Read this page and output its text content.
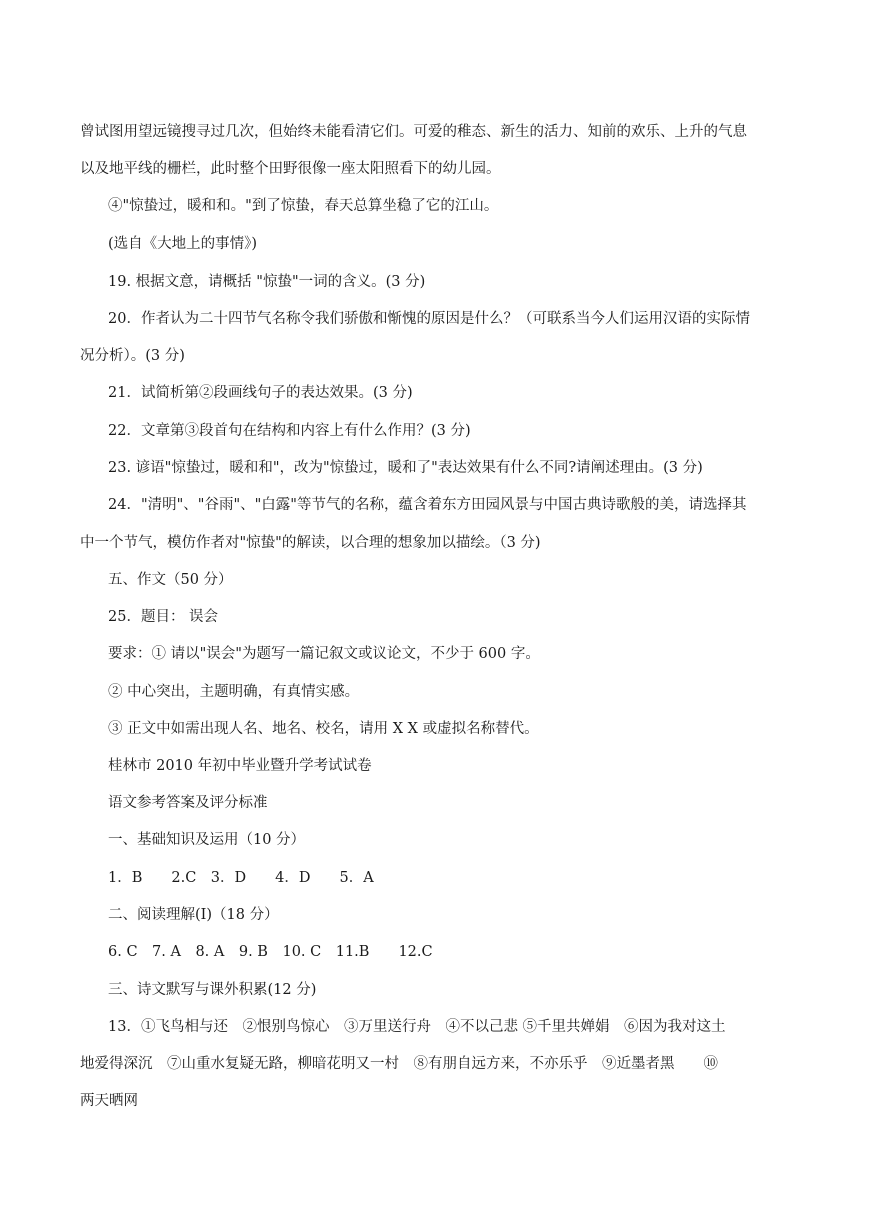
曾试图用望远镜搜寻过几次，但始终未能看清它们。可爱的稚态、新生的活力、知前的欢乐、上升的气息
以及地平线的栅栏，此时整个田野很像一座太阳照看下的幼儿园。
④"惊蛰过，暖和和。"到了惊蛰，春天总算坐稳了它的江山。
(选自《大地上的事情》)
19. 根据文意，请概括 "惊蛰"一词的含义。(3 分)
20．作者认为二十四节气名称令我们骄傲和惭愧的原因是什么？（可联系当今人们运用汉语的实际情
况分析）。(3 分)
21．试简析第②段画线句子的表达效果。(3 分)
22．文章第③段首句在结构和内容上有什么作用？(3 分)
23. 谚语"惊蛰过，暖和和"，改为"惊蛰过，暖和了"表达效果有什么不同?请阐述理由。(3 分)
24．"清明"、"谷雨"、"白露"等节气的名称，蕴含着东方田园风景与中国古典诗歌般的美，请选择其
中一个节气，模仿作者对"惊蛰"的解读，以合理的想象加以描绘。（3 分)
五、作文（50 分）
25．题目： 误会
要求：① 请以"误会"为题写一篇记叙文或议论文，不少于 600 字。
② 中心突出，主题明确，有真情实感。
③ 正文中如需出现人名、地名、校名，请用 X X 或虚拟名称替代。
桂林市 2010 年初中毕业暨升学考试试卷
语文参考答案及评分标准
一、基础知识及运用（10 分）
1．B　　2.C　3．D　　4．D　　5．A
二、阅读理解(Ⅰ)（18 分）
6. C　7. A　8. A　9. B　10. C　11.B　　12.C
三、诗文默写与课外积累(12 分)
13．①飞鸟相与还　②恨别鸟惊心　③万里送行舟　④不以己悲 ⑤千里共婵娟　⑥因为我对这土
地爱得深沉　⑦山重水复疑无路，柳暗花明又一村　⑧有朋自远方来，不亦乐乎　⑨近墨者黑　　⑩
两天晒网
